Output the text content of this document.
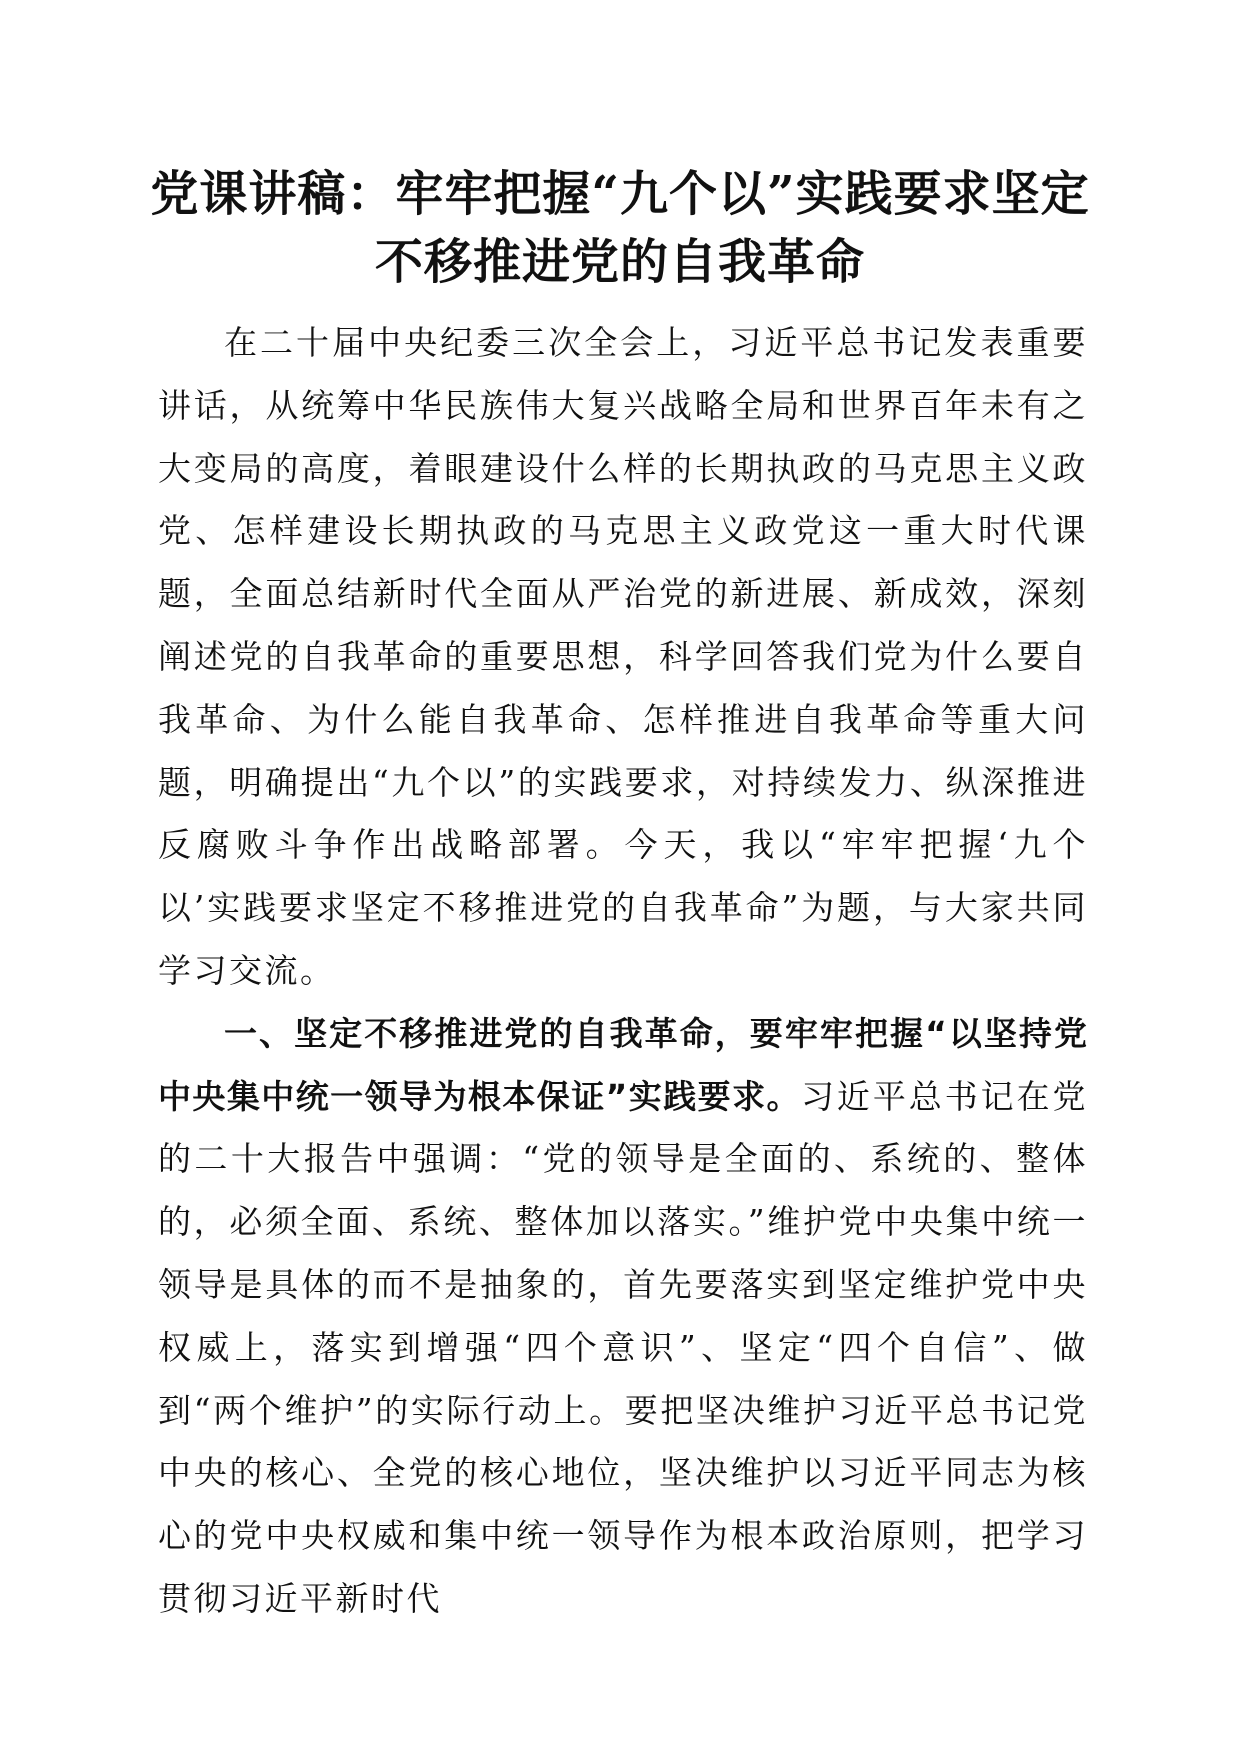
党课讲稿：牢牢把握“九个以”实践要求坚定
不移推进党的自我革命

在二十届中央纪委三次全会上，习近平总书记发表重要讲话，从统筹中华民族伟大复兴战略全局和世界百年未有之大变局的高度，着眼建设什么样的长期执政的马克思主义政党、怎样建设长期执政的马克思主义政党这一重大时代课题，全面总结新时代全面从严治党的新进展、新成效，深刻阐述党的自我革命的重要思想，科学回答我们党为什么要自我革命、为什么能自我革命、怎样推进自我革命等重大问题，明确提出“九个以”的实践要求，对持续发力、纵深推进反腐败斗争作出战略部署。今天，我以“牢牢把握‘九个以’实践要求坚定不移推进党的自我革命”为题，与大家共同学习交流。

一、坚定不移推进党的自我革命，要牢牢把握“以坚持党中央集中统一领导为根本保证”实践要求。习近平总书记在党的二十大报告中强调：“党的领导是全面的、系统的、整体的，必须全面、系统、整体加以落实。”维护党中央集中统一领导是具体的而不是抽象的，首先要落实到坚定维护党中央权威上，落实到增强“四个意识”、坚定“四个自信”、做到“两个维护”的实际行动上。要把坚决维护习近平总书记党中央的核心、全党的核心地位，坚决维护以习近平同志为核心的党中央权威和集中统一领导作为根本政治原则，把学习贯彻习近平新时代
